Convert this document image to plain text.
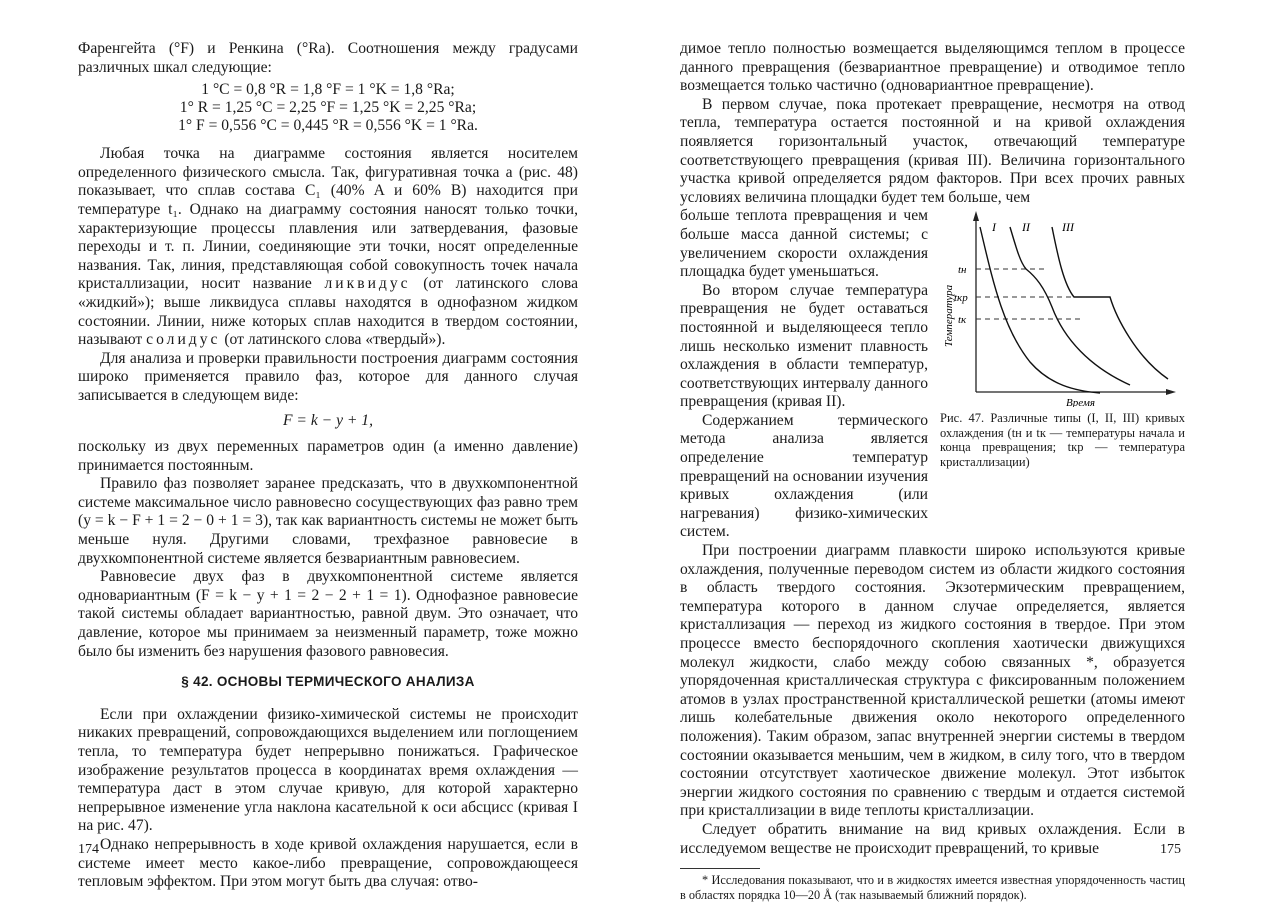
Фаренгейта (°F) и Ренкина (°Ra). Соотношения между градусами различных шкал следующие:

1 °C = 0,8 °R = 1,8 °F = 1 °K = 1,8 °Ra;
1° R = 1,25 °C = 2,25 °F = 1,25 °K = 2,25 °Ra;
1° F = 0,556 °C = 0,445 °R = 0,556 °K = 1 °Ra.

Любая точка на диаграмме состояния является носителем определенного физического смысла. Так, фигуративная точка a (рис. 48) показывает, что сплав состава C₁ (40% A и 60% B) находится при температуре t₁. Однако на диаграмму состояния наносят только точки, характеризующие процессы плавления или затвердевания, фазовые переходы и т. п. Линии, соединяющие эти точки, носят определенные названия. Так, линия, представляющая собой совокупность точек начала кристаллизации, носит название ликвидус (от латинского слова «жидкий»); выше ликвидуса сплавы находятся в однофазном жидком состоянии. Линии, ниже которых сплав находится в твердом состоянии, называют солидус (от латинского слова «твердый»).

Для анализа и проверки правильности построения диаграмм состояния широко применяется правило фаз, которое для данного случая записывается в следующем виде:

F = k − y + 1,

поскольку из двух переменных параметров один (а именно давление) принимается постоянным.

Правило фаз позволяет заранее предсказать, что в двухкомпонентной системе максимальное число равновесно сосуществующих фаз равно трем (y = k − F + 1 = 2 − 0 + 1 = 3), так как вариантность системы не может быть меньше нуля. Другими словами, трехфазное равновесие в двухкомпонентной системе является безвариантным равновесием.

Равновесие двух фаз в двухкомпонентной системе является одновариантным (F = k − y + 1 = 2 − 2 + 1 = 1). Однофазное равновесие такой системы обладает вариантностью, равной двум. Это означает, что давление, которое мы принимаем за неизменный параметр, тоже можно было бы изменить без нарушения фазового равновесия.

§ 42. ОСНОВЫ ТЕРМИЧЕСКОГО АНАЛИЗА

Если при охлаждении физико-химической системы не происходит никаких превращений, сопровождающихся выделением или поглощением тепла, то температура будет непрерывно понижаться. Графическое изображение результатов процесса в координатах время охлаждения — температура даст в этом случае кривую, для которой характерно непрерывное изменение угла наклона касательной к оси абсцисс (кривая I на рис. 47).

Однако непрерывность в ходе кривой охлаждения нарушается, если в системе имеет место какое-либо превращение, сопровождающееся тепловым эффектом. При этом могут быть два случая: отво-

174

димое тепло полностью возмещается выделяющимся теплом в процессе данного превращения (безвариантное превращение) и отводимое тепло возмещается только частично (одновариантное превращение).

В первом случае, пока протекает превращение, несмотря на отвод тепла, температура остается постоянной и на кривой охлаждения появляется горизонтальный участок, отвечающий температуре соответствующего превращения (кривая III). Величина горизонтального участка кривой определяется рядом факторов. При всех прочих равных условиях величина площадки будет тем больше, чем

больше теплота превращения и чем больше масса данной системы; с увеличением скорости охлаждения площадка будет уменьшаться.

Во втором случае температура превращения не будет оставаться постоянной и выделяющееся тепло лишь несколько изменит плавность охлаждения в области температур, соответствующих интервалу данного превращения (кривая II).

Содержанием термического метода анализа является определение температур превращений на основании изучения кривых охлаждения (или нагревания) физико-химических систем.

I II	III
tн
tкр
tк
Температура
Время
Рис. 47. Различные типы (I, II, III) кривых охлаждения (tн и tк — температуры начала и конца превращения; tкр — температура кристаллизации)

При построении диаграмм плавкости широко используются кривые охлаждения, полученные переводом систем из области жидкого состояния в область твердого состояния. Экзотермическим превращением, температура которого в данном случае определяется, является кристаллизация — переход из жидкого состояния в твердое. При этом процессе вместо беспорядочного скопления хаотически движущихся молекул жидкости, слабо между собою связанных *, образуется упорядоченная кристаллическая структура с фиксированным положением атомов в узлах пространственной кристаллической решетки (атомы имеют лишь колебательные движения около некоторого определенного положения). Таким образом, запас внутренней энергии системы в твердом состоянии оказывается меньшим, чем в жидком, в силу того, что в твердом состоянии отсутствует хаотическое движение молекул. Этот избыток энергии жидкого состояния по сравнению с твердым и отдается системой при кристаллизации в виде теплоты кристаллизации.

Следует обратить внимание на вид кривых охлаждения. Если в исследуемом веществе не происходит превращений, то кривые

* Исследования показывают, что и в жидкостях имеется известная упорядоченность частиц в областях порядка 10—20 Å (так называемый ближний порядок).

175
